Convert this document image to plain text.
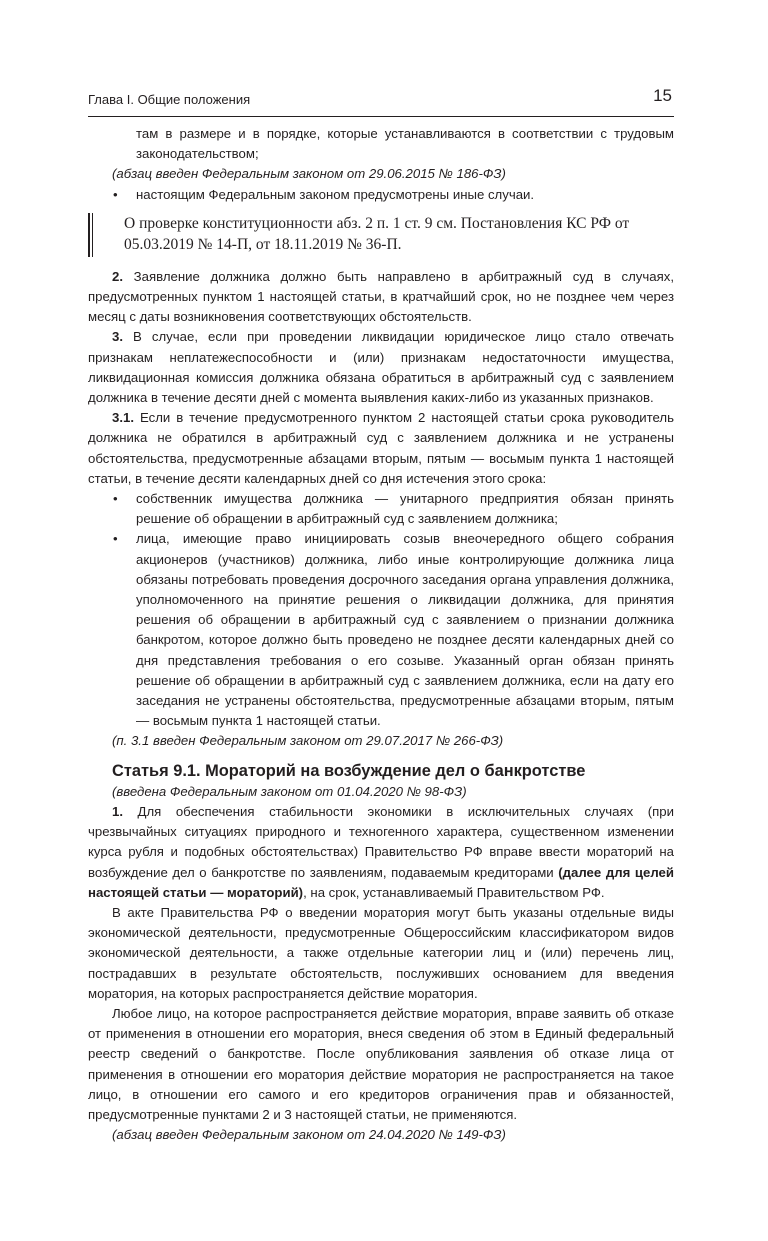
Глава I. Общие положения	15

там в размере и в порядке, которые устанавливаются в соответствии с трудовым законодательством;

(абзац введен Федеральным законом от 29.06.2015 № 186-ФЗ)

• настоящим Федеральным законом предусмотрены иные случаи.

О проверке конституционности абз. 2 п. 1 ст. 9 см. Постановления КС РФ от 05.03.2019 № 14-П, от 18.11.2019 № 36-П.

2. Заявление должника должно быть направлено в арбитражный суд в случаях, предусмотренных пунктом 1 настоящей статьи, в кратчайший срок, но не позднее чем через месяц с даты возникновения соответствующих обстоятельств.

3. В случае, если при проведении ликвидации юридическое лицо стало отвечать признакам неплатежеспособности и (или) признакам недостаточности имущества, ликвидационная комиссия должника обязана обратиться в арбитражный суд с заявлением должника в течение десяти дней с момента выявления каких-либо из указанных признаков.

3.1. Если в течение предусмотренного пунктом 2 настоящей статьи срока руководитель должника не обратился в арбитражный суд с заявлением должника и не устранены обстоятельства, предусмотренные абзацами вторым, пятым — восьмым пункта 1 настоящей статьи, в течение десяти календарных дней со дня истечения этого срока:

• собственник имущества должника — унитарного предприятия обязан принять решение об обращении в арбитражный суд с заявлением должника;

• лица, имеющие право инициировать созыв внеочередного общего собрания акционеров (участников) должника, либо иные контролирующие должника лица обязаны потребовать проведения досрочного заседания органа управления должника, уполномоченного на принятие решения о ликвидации должника, для принятия решения об обращении в арбитражный суд с заявлением о признании должника банкротом, которое должно быть проведено не позднее десяти календарных дней со дня представления требования о его созыве. Указанный орган обязан принять решение об обращении в арбитражный суд с заявлением должника, если на дату его заседания не устранены обстоятельства, предусмотренные абзацами вторым, пятым — восьмым пункта 1 настоящей статьи.

(п. 3.1 введен Федеральным законом от 29.07.2017 № 266-ФЗ)

Статья 9.1. Мораторий на возбуждение дел о банкротстве

(введена Федеральным законом от 01.04.2020 № 98-ФЗ)

1. Для обеспечения стабильности экономики в исключительных случаях (при чрезвычайных ситуациях природного и техногенного характера, существенном изменении курса рубля и подобных обстоятельствах) Правительство РФ вправе ввести мораторий на возбуждение дел о банкротстве по заявлениям, подаваемым кредиторами (далее для целей настоящей статьи — мораторий), на срок, устанавливаемый Правительством РФ.

В акте Правительства РФ о введении моратория могут быть указаны отдельные виды экономической деятельности, предусмотренные Общероссийским классификатором видов экономической деятельности, а также отдельные категории лиц и (или) перечень лиц, пострадавших в результате обстоятельств, послуживших основанием для введения моратория, на которых распространяется действие моратория.

Любое лицо, на которое распространяется действие моратория, вправе заявить об отказе от применения в отношении его моратория, внеся сведения об этом в Единый федеральный реестр сведений о банкротстве. После опубликования заявления об отказе лица от применения в отношении его моратория действие моратория не распространяется на такое лицо, в отношении его самого и его кредиторов ограничения прав и обязанностей, предусмотренные пунктами 2 и 3 настоящей статьи, не применяются.

(абзац введен Федеральным законом от 24.04.2020 № 149-ФЗ)
